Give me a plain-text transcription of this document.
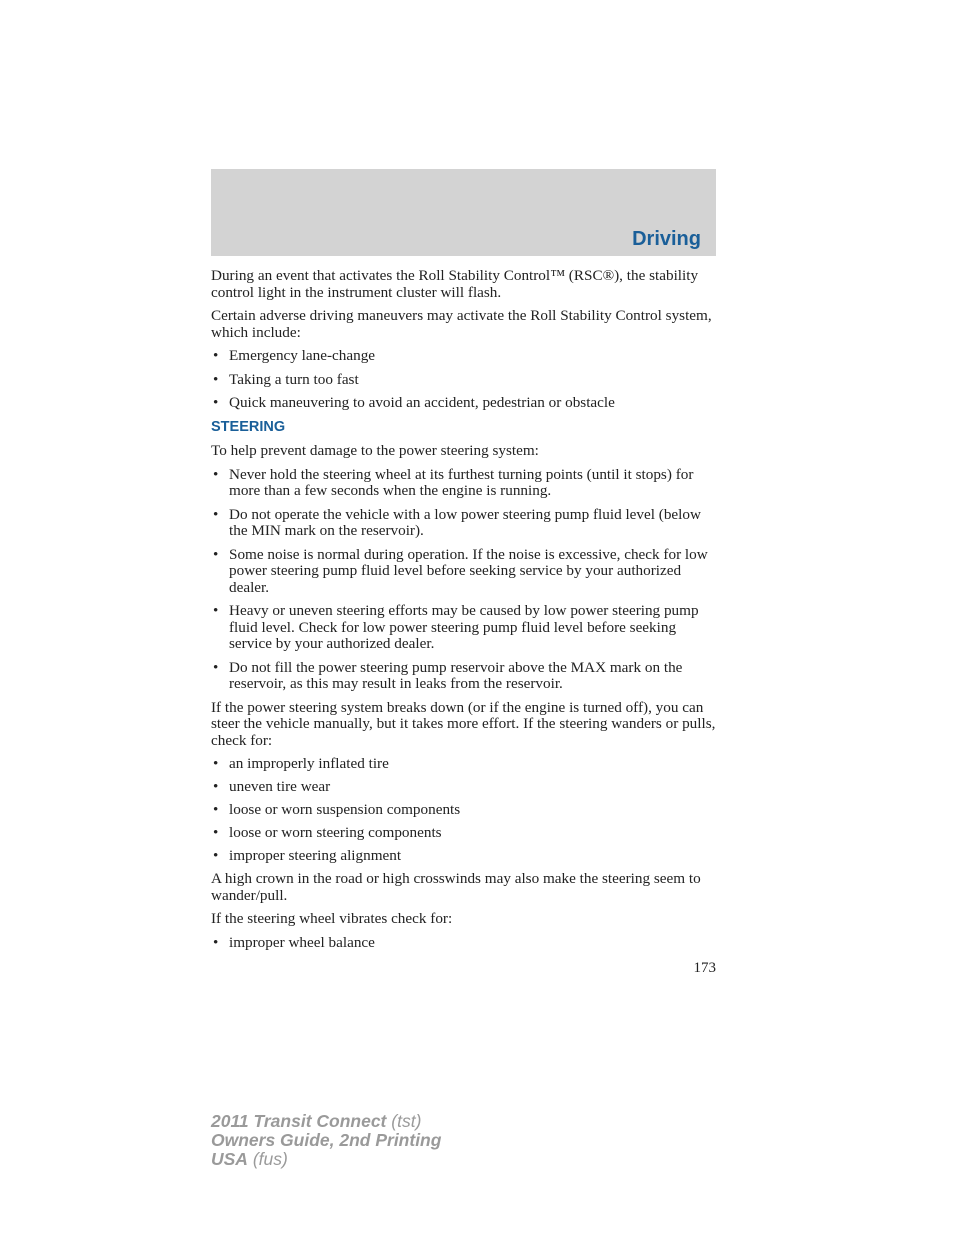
Driving

During an event that activates the Roll Stability Control™ (RSC®), the stability control light in the instrument cluster will flash.

Certain adverse driving maneuvers may activate the Roll Stability Control system, which include:

• Emergency lane-change
• Taking a turn too fast
• Quick maneuvering to avoid an accident, pedestrian or obstacle
STEERING

To help prevent damage to the power steering system:

• Never hold the steering wheel at its furthest turning points (until it stops) for more than a few seconds when the engine is running.
• Do not operate the vehicle with a low power steering pump fluid level (below the MIN mark on the reservoir).
• Some noise is normal during operation. If the noise is excessive, check for low power steering pump fluid level before seeking service by your authorized dealer.
• Heavy or uneven steering efforts may be caused by low power steering pump fluid level. Check for low power steering pump fluid level before seeking service by your authorized dealer.
• Do not fill the power steering pump reservoir above the MAX mark on the reservoir, as this may result in leaks from the reservoir.

If the power steering system breaks down (or if the engine is turned off), you can steer the vehicle manually, but it takes more effort. If the steering wanders or pulls, check for:

• an improperly inflated tire
• uneven tire wear
• loose or worn suspension components
• loose or worn steering components
• improper steering alignment

A high crown in the road or high crosswinds may also make the steering seem to wander/pull.

If the steering wheel vibrates check for:

• improper wheel balance
173
2011 Transit Connect (tst)
Owners Guide, 2nd Printing
USA (fus)
